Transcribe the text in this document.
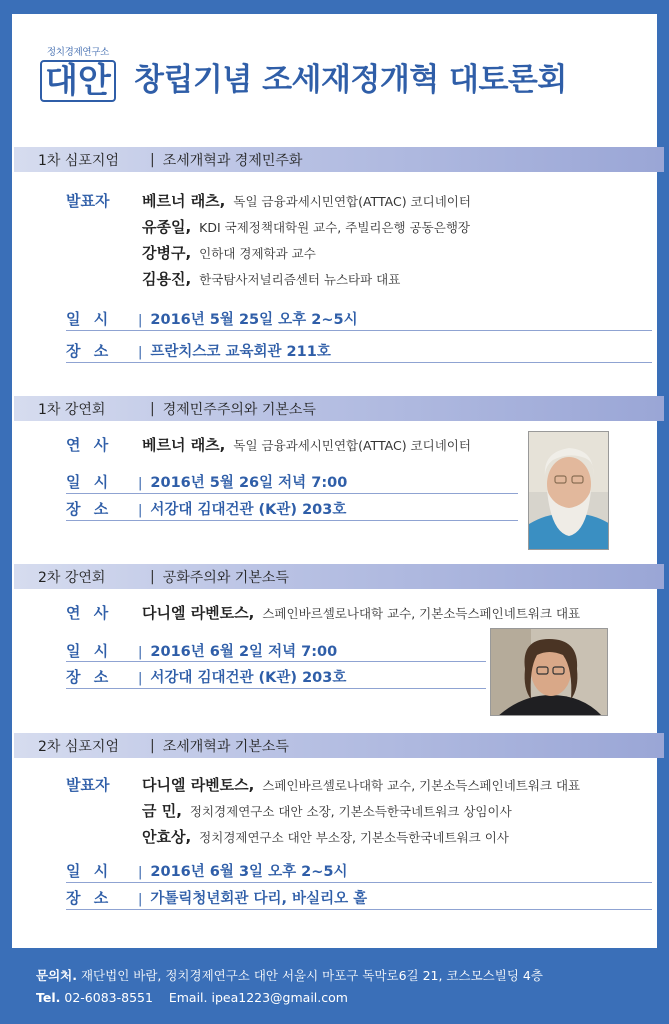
정치경제연구소
대안 창립기념 조세재정개혁 대토론회
1차 심포지엄	| 조세개혁과 경제민주화
발표자	베르너 래츠, 독일 금융과세시민연합(ATTAC) 코디네이터
유종일, KDI 국제정책대학원 교수, 주빌리은행 공동은행장
강병구, 인하대 경제학과 교수
김용진, 한국탐사저널리즘센터 뉴스타파 대표
일 시	| 2016년 5월 25일 오후 2~5시
장 소	| 프란치스코 교육회관 211호
1차 강연회	| 경제민주주의와 기본소득
연 사	베르너 래츠, 독일 금융과세시민연합(ATTAC) 코디네이터
일 시	| 2016년 5월 26일 저녁 7:00
장 소	| 서강대 김대건관 (K관) 203호
2차 강연회	| 공화주의와 기본소득
연 사	다니엘 라벤토스, 스페인바르셀로나대학 교수, 기본소득스페인네트워크 대표
일 시	| 2016년 6월 2일 저녁 7:00
장 소	| 서강대 김대건관 (K관) 203호
2차 심포지엄	| 조세개혁과 기본소득
발표자	다니엘 라벤토스, 스페인바르셀로나대학 교수, 기본소득스페인네트워크 대표
금 민, 정치경제연구소 대안 소장, 기본소득한국네트워크 상임이사
안효상, 정치경제연구소 대안 부소장, 기본소득한국네트워크 이사
일 시	| 2016년 6월 3일 오후 2~5시
장 소	| 가톨릭청년회관 다리, 바실리오 홀
문의처. 재단법인 바람, 정치경제연구소 대안 서울시 마포구 독막로6길 21, 코스모스빌딩 4층
Tel. 02-6083-8551 Email. ipea1223@gmail.com
